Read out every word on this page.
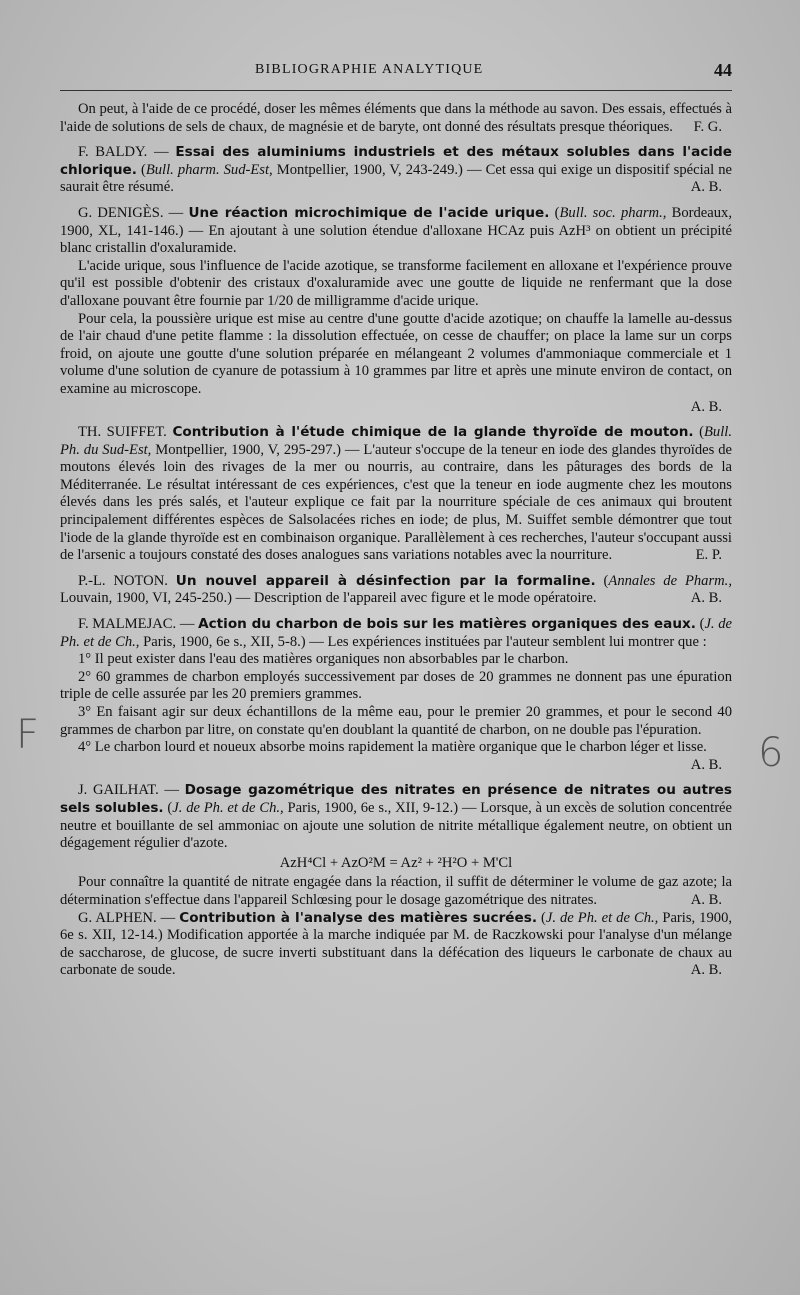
BIBLIOGRAPHIE ANALYTIQUE	44

On peut, à l'aide de ce procédé, doser les mêmes éléments que dans la méthode au savon. Des essais, effectués à l'aide de solutions de sels de chaux, de magnésie et de baryte, ont donné des résultats presque théoriques.	F. G.

F. BALDY. — Essai des aluminiums industriels et des métaux solubles dans l'acide chlorique. (Bull. pharm. Sud-Est, Montpellier, 1900, V, 243-249.) — Cet essa qui exige un dispositif spécial ne saurait être résumé.	A. B.

G. DENIGÈS. — Une réaction microchimique de l'acide urique. (Bull. soc. pharm., Bordeaux, 1900, XL, 141-146.) — En ajoutant à une solution étendue d'alloxane HCAz puis AzH³ on obtient un précipité blanc cristallin d'oxaluramide.

L'acide urique, sous l'influence de l'acide azotique, se transforme facilement en alloxane et l'expérience prouve qu'il est possible d'obtenir des cristaux d'oxaluramide avec une goutte de liquide ne renfermant que la dose d'alloxane pouvant être fournie par 1/20 de milligramme d'acide urique.

Pour cela, la poussière urique est mise au centre d'une goutte d'acide azotique; on chauffe la lamelle au-dessus de l'air chaud d'une petite flamme : la dissolution effectuée, on cesse de chauffer; on place la lame sur un corps froid, on ajoute une goutte d'une solution préparée en mélangeant 2 volumes d'ammoniaque commerciale et 1 volume d'une solution de cyanure de potassium à 10 grammes par litre et après une minute environ de contact, on examine au microscope.

A. B.

TH. SUIFFET. Contribution à l'étude chimique de la glande thyroïde de mouton. (Bull. Ph. du Sud-Est, Montpellier, 1900, V, 295-297.) — L'auteur s'occupe de la teneur en iode des glandes thyroïdes de moutons élevés loin des rivages de la mer ou nourris, au contraire, dans les pâturages des bords de la Méditerranée. Le résultat intéressant de ces expériences, c'est que la teneur en iode augmente chez les moutons élevés dans les prés salés, et l'auteur explique ce fait par la nourriture spéciale de ces animaux qui broutent principalement différentes espèces de Salsolacées riches en iode; de plus, M. Suiffet semble démontrer que tout l'iode de la glande thyroïde est en combinaison organique. Parallèlement à ces recherches, l'auteur s'occupant aussi de l'arsenic a toujours constaté des doses analogues sans variations notables avec la nourriture.	E. P.

P.-L. NOTON. Un nouvel appareil à désinfection par la formaline. (Annales de Pharm., Louvain, 1900, VI, 245-250.) — Description de l'appareil avec figure et le mode opératoire.	A. B.

F. MALMEJAC. — Action du charbon de bois sur les matières organiques des eaux. (J. de Ph. et de Ch., Paris, 1900, 6e s., XII, 5-8.) — Les expériences instituées par l'auteur semblent lui montrer que :

1° Il peut exister dans l'eau des matières organiques non absorbables par le charbon.

2° 60 grammes de charbon employés successivement par doses de 20 grammes ne donnent pas une épuration triple de celle assurée par les 20 premiers grammes.

3° En faisant agir sur deux échantillons de la même eau, pour le premier 20 grammes, et pour le second 40 grammes de charbon par litre, on constate qu'en doublant la quantité de charbon, on ne double pas l'épuration.

4° Le charbon lourd et noueux absorbe moins rapidement la matière organique que le charbon léger et lisse.
A. B.

J. GAILHAT. — Dosage gazométrique des nitrates en présence de nitrates ou autres sels solubles. (J. de Ph. et de Ch., Paris, 1900, 6e s., XII, 9-12.) — Lorsque, à un excès de solution concentrée neutre et bouillante de sel ammoniac on ajoute une solution de nitrite métallique également neutre, on obtient un dégagement régulier d'azote.

AzH⁴Cl + AzO²M = Az² + ²H²O + M'Cl

Pour connaître la quantité de nitrate engagée dans la réaction, il suffit de déterminer le volume de gaz azote; la détermination s'effectue dans l'appareil Schlœsing pour le dosage gazométrique des nitrates.	A. B.

G. ALPHEN. — Contribution à l'analyse des matières sucrées. (J. de Ph. et de Ch., Paris, 1900, 6e s. XII, 12-14.) Modification apportée à la marche indiquée par M. de Raczkowski pour l'analyse d'un mélange de saccharose, de glucose, de sucre inverti substituant dans la défécation des liqueurs le carbonate de chaux au carbonate de soude.	A. B.

F	6
